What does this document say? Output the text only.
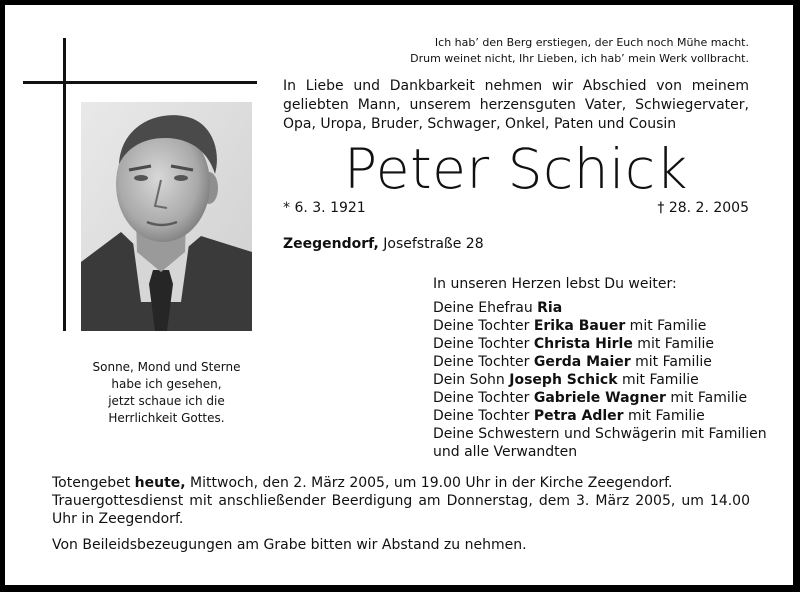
Ich hab’ den Berg erstiegen, der Euch noch Mühe macht.
Drum weinet nicht, Ihr Lieben, ich hab’ mein Werk vollbracht.
In Liebe und Dankbarkeit nehmen wir Abschied von meinem geliebten Mann, unserem herzensguten Vater, Schwiegervater, Opa, Uropa, Bruder, Schwager, Onkel, Paten und Cousin
Peter Schick
* 6. 3. 1921	† 28. 2. 2005
Zeegendorf, Josefstraße 28
In unseren Herzen lebst Du weiter:
Deine Ehefrau Ria
Deine Tochter Erika Bauer mit Familie
Deine Tochter Christa Hirle mit Familie
Deine Tochter Gerda Maier mit Familie
Dein Sohn Joseph Schick mit Familie
Deine Tochter Gabriele Wagner mit Familie
Deine Tochter Petra Adler mit Familie
Deine Schwestern und Schwägerin mit Familien
und alle Verwandten
Sonne, Mond und Sterne
habe ich gesehen,
jetzt schaue ich die
Herrlichkeit Gottes.
Totengebet heute, Mittwoch, den 2. März 2005, um 19.00 Uhr in der Kirche Zeegendorf.
Trauergottesdienst mit anschließender Beerdigung am Donnerstag, dem 3. März 2005, um 14.00 Uhr in Zeegendorf.
Von Beileidsbezeugungen am Grabe bitten wir Abstand zu nehmen.
